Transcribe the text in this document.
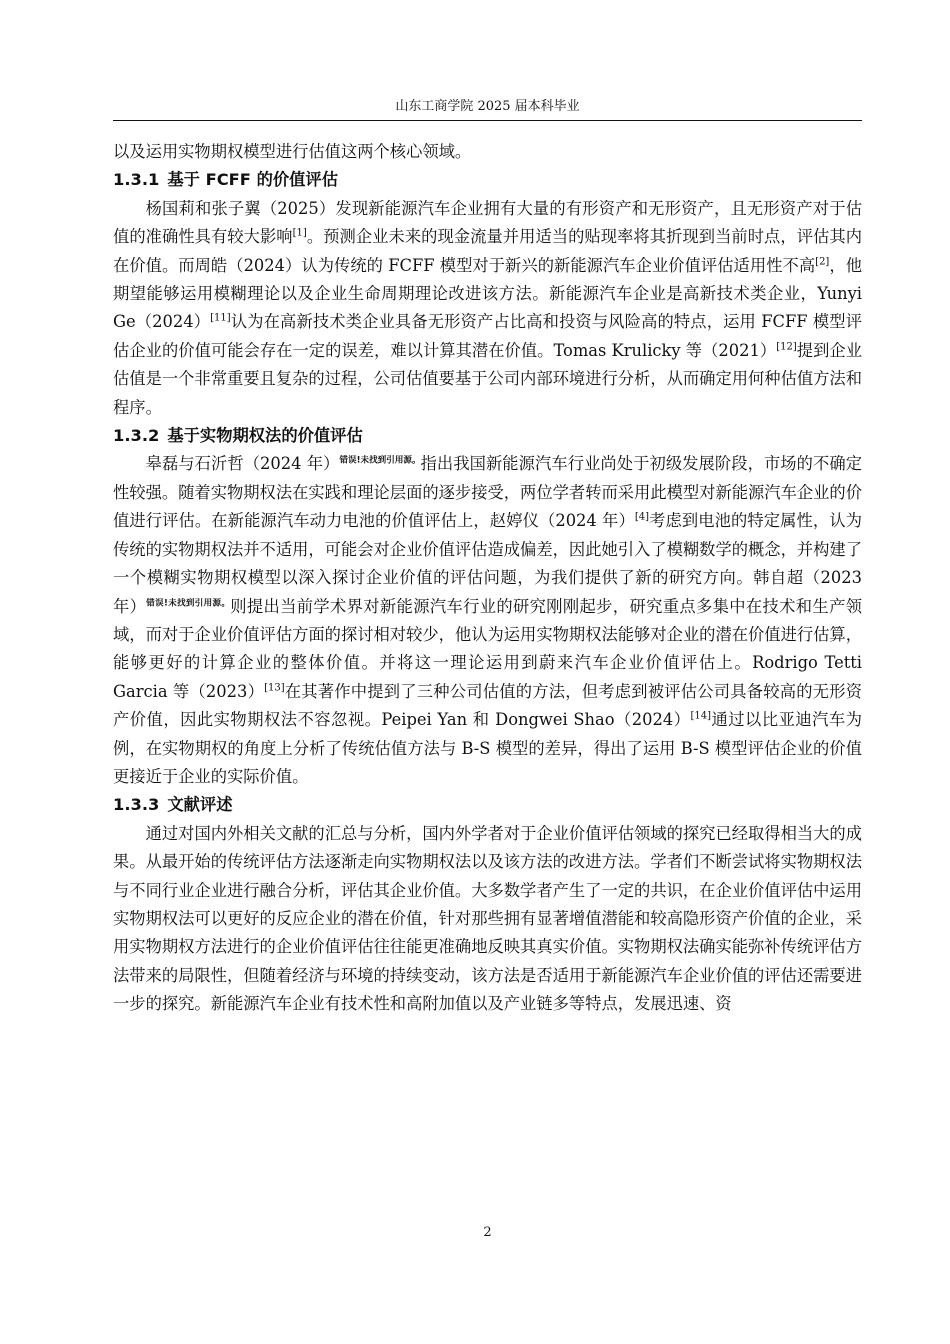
山东工商学院 2025 届本科毕业

以及运用实物期权模型进行估值这两个核心领域。

1.3.1 基于 FCFF 的价值评估

杨国莉和张子翼（2025）发现新能源汽车企业拥有大量的有形资产和无形资产，且无形资产对于估值的准确性具有较大影响[1]。预测企业未来的现金流量并用适当的贴现率将其折现到当前时点，评估其内在价值。而周皓（2024）认为传统的 FCFF 模型对于新兴的新能源汽车企业价值评估适用性不高[2]，他期望能够运用模糊理论以及企业生命周期理论改进该方法。新能源汽车企业是高新技术类企业，Yunyi Ge（2024）[11]认为在高新技术类企业具备无形资产占比高和投资与风险高的特点，运用 FCFF 模型评估企业的价值可能会存在一定的误差，难以计算其潜在价值。Tomas Krulicky 等（2021）[12]提到企业估值是一个非常重要且复杂的过程，公司估值要基于公司内部环境进行分析，从而确定用何种估值方法和程序。

1.3.2 基于实物期权法的价值评估

皋磊与石沂哲（2024 年）$^{错误!未找到引用源。}$指出我国新能源汽车行业尚处于初级发展阶段，市场的不确定性较强。随着实物期权法在实践和理论层面的逐步接受，两位学者转而采用此模型对新能源汽车企业的价值进行评估。在新能源汽车动力电池的价值评估上，赵婷仪（2024 年）[4]考虑到电池的特定属性，认为传统的实物期权法并不适用，可能会对企业价值评估造成偏差，因此她引入了模糊数学的概念，并构建了一个模糊实物期权模型以深入探讨企业价值的评估问题，为我们提供了新的研究方向。韩自超（2023 年）$^{错误!未找到引用源。}$则提出当前学术界对新能源汽车行业的研究刚刚起步，研究重点多集中在技术和生产领域，而对于企业价值评估方面的探讨相对较少，他认为运用实物期权法能够对企业的潜在价值进行估算，能够更好的计算企业的整体价值。并将这一理论运用到蔚来汽车企业价值评估上。Rodrigo Tetti Garcia 等（2023）[13]在其著作中提到了三种公司估值的方法，但考虑到被评估公司具备较高的无形资产价值，因此实物期权法不容忽视。Peipei Yan 和 Dongwei Shao（2024）[14]通过以比亚迪汽车为例，在实物期权的角度上分析了传统估值方法与 B-S 模型的差异，得出了运用 B-S 模型评估企业的价值更接近于企业的实际价值。

1.3.3 文献评述

通过对国内外相关文献的汇总与分析，国内外学者对于企业价值评估领域的探究已经取得相当大的成果。从最开始的传统评估方法逐渐走向实物期权法以及该方法的改进方法。学者们不断尝试将实物期权法与不同行业企业进行融合分析，评估其企业价值。大多数学者产生了一定的共识，在企业价值评估中运用实物期权法可以更好的反应企业的潜在价值，针对那些拥有显著增值潜能和较高隐形资产价值的企业，采用实物期权方法进行的企业价值评估往往能更准确地反映其真实价值。实物期权法确实能弥补传统评估方法带来的局限性，但随着经济与环境的持续变动，该方法是否适用于新能源汽车企业价值的评估还需要进一步的探究。新能源汽车企业有技术性和高附加值以及产业链多等特点，发展迅速、资

2
